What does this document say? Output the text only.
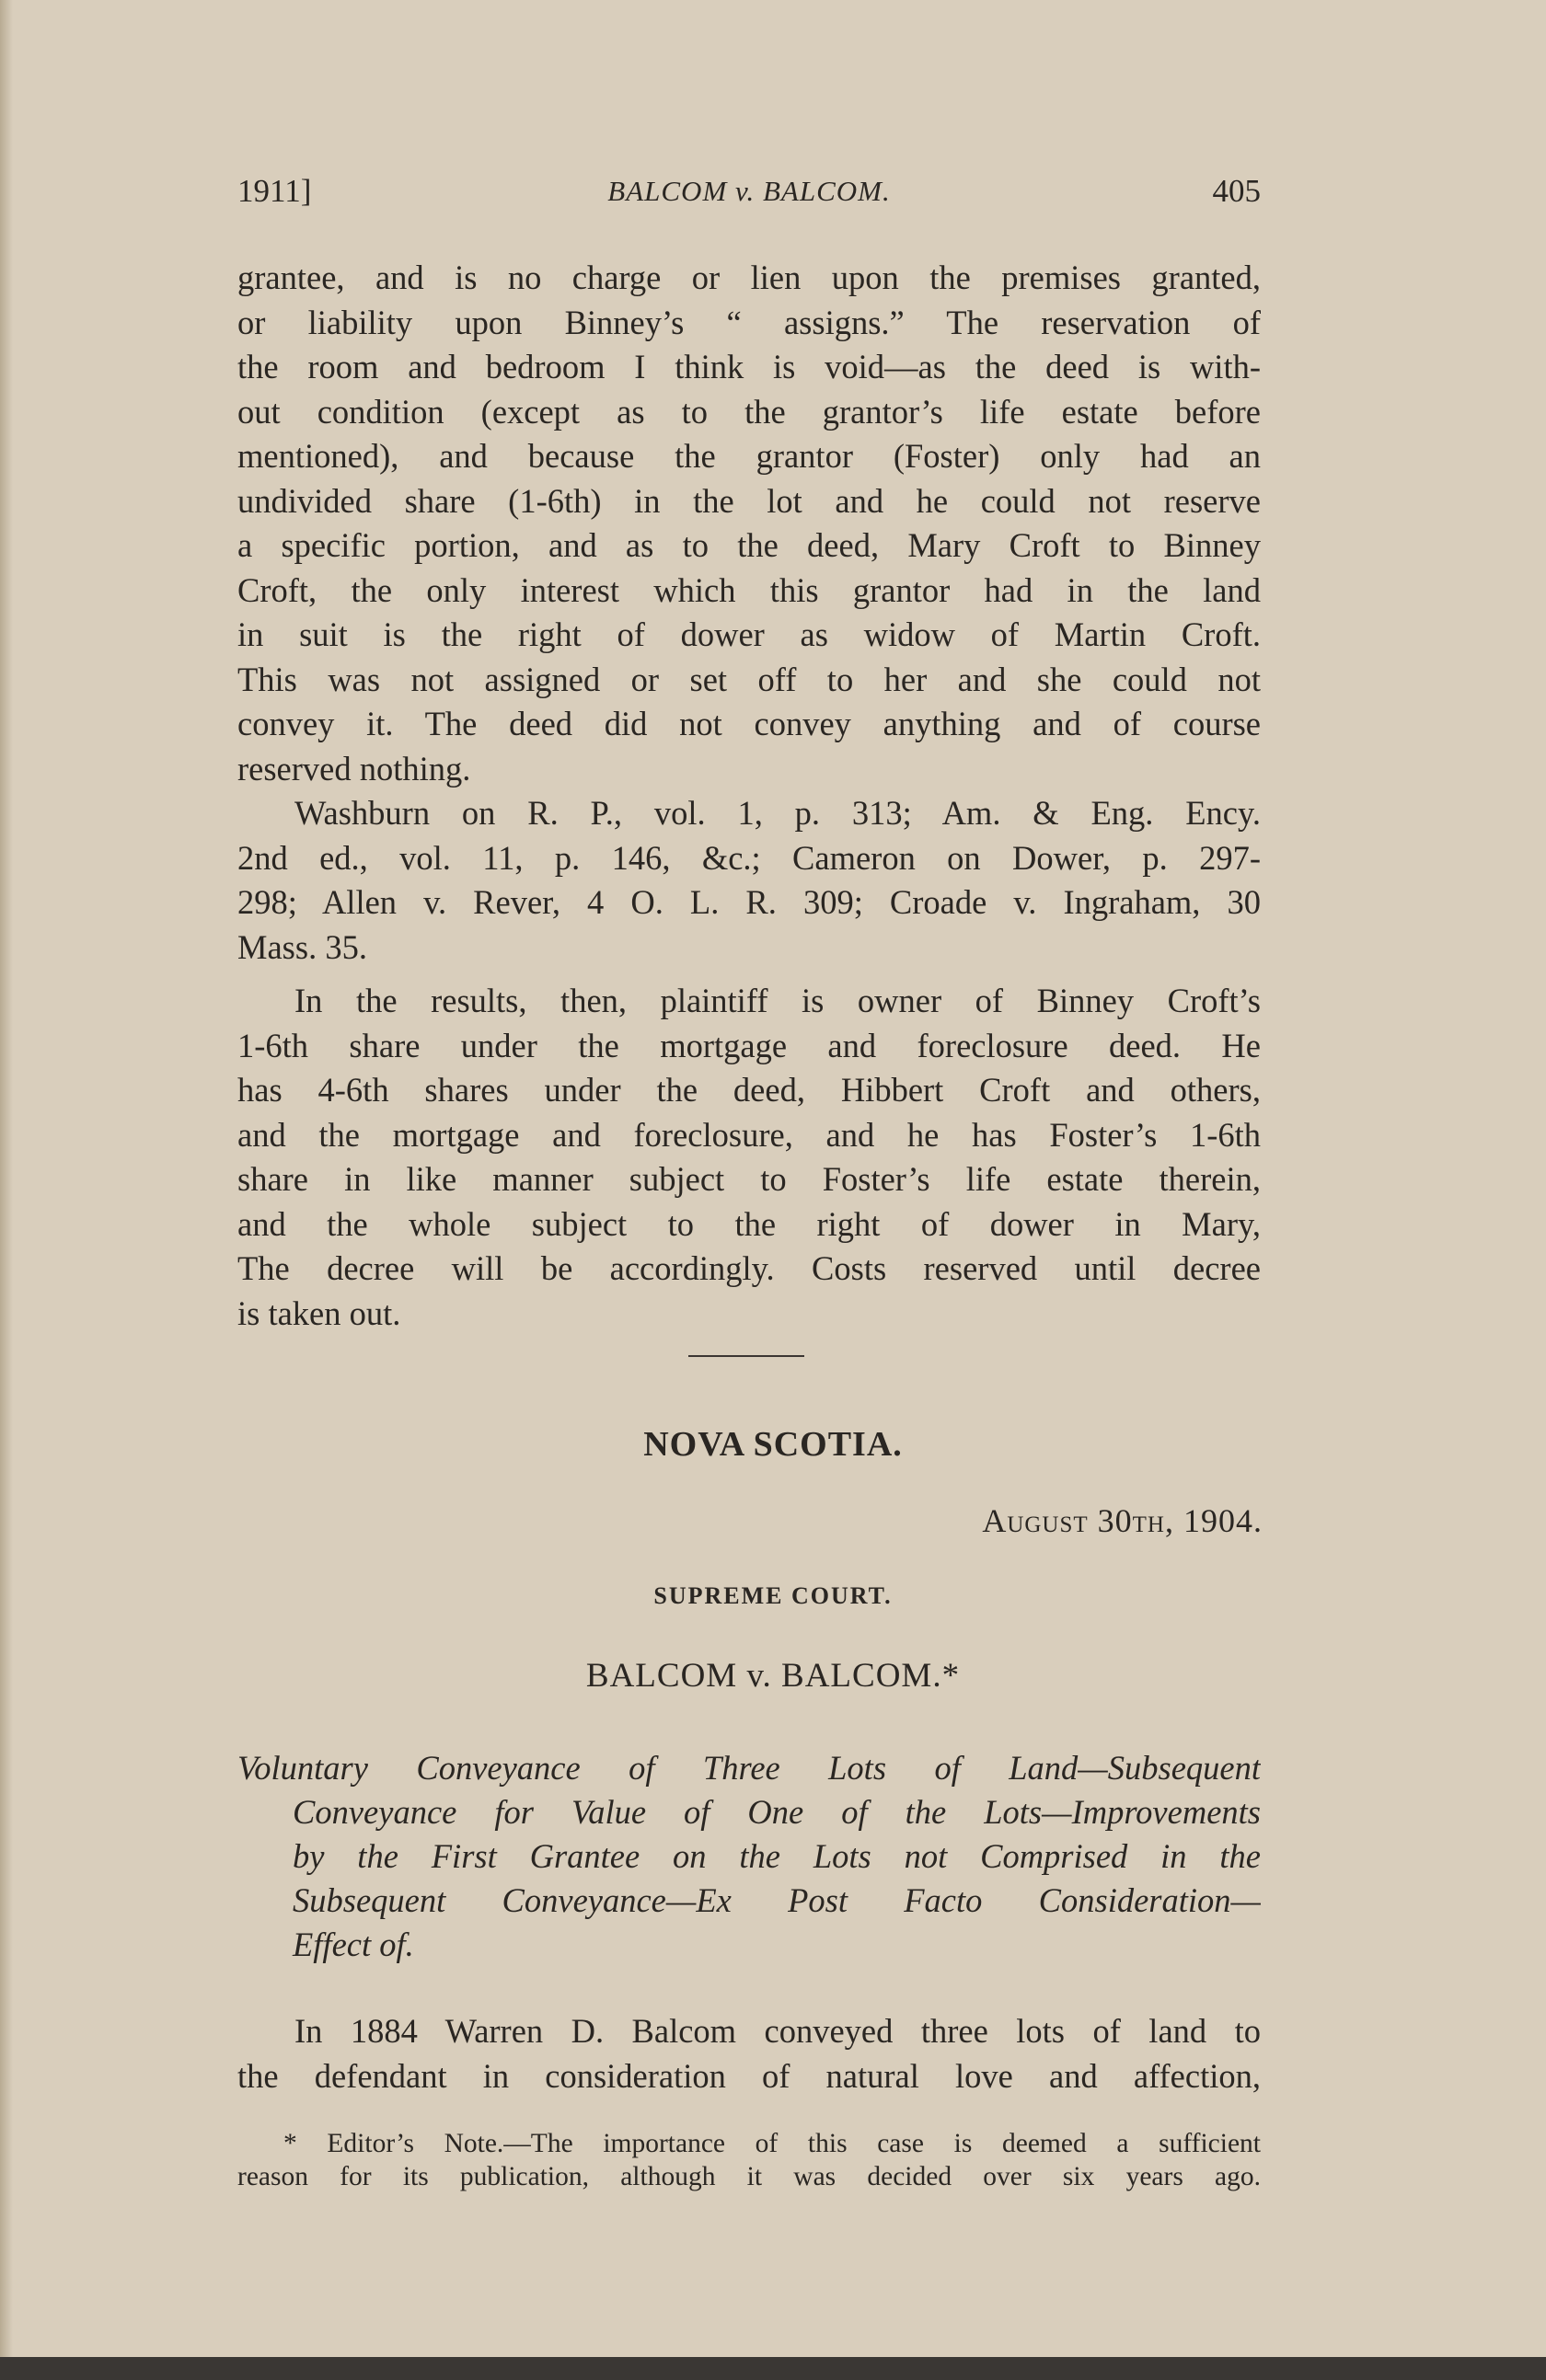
1911]	BALCOM v. BALCOM.	405
grantee, and is no charge or lien upon the premises granted,
or liability upon Binney’s “ assigns.” The reservation of
the room and bedroom I think is void—as the deed is with-
out condition (except as to the grantor’s life estate before
mentioned), and because the grantor (Foster) only had an
undivided share (1-6th) in the lot and he could not reserve
a specific portion, and as to the deed, Mary Croft to Binney
Croft, the only interest which this grantor had in the land
in suit is the right of dower as widow of Martin Croft.
This was not assigned or set off to her and she could not
convey it. The deed did not convey anything and of course
reserved nothing.
Washburn on R. P., vol. 1, p. 313; Am. & Eng. Ency.
2nd ed., vol. 11, p. 146, &c.; Cameron on Dower, p. 297-
298; Allen v. Rever, 4 O. L. R. 309; Croade v. Ingraham, 30
Mass. 35.
In the results, then, plaintiff is owner of Binney Croft’s
1-6th share under the mortgage and foreclosure deed. He
has 4-6th shares under the deed, Hibbert Croft and others,
and the mortgage and foreclosure, and he has Foster’s 1-6th
share in like manner subject to Foster’s life estate therein,
and the whole subject to the right of dower in Mary,
The decree will be accordingly. Costs reserved until decree
is taken out.
NOVA SCOTIA.
August 30th, 1904.
SUPREME COURT.
BALCOM v. BALCOM.*
Voluntary Conveyance of Three Lots of Land—Subsequent
Conveyance for Value of One of the Lots—Improvements
by the First Grantee on the Lots not Comprised in the
Subsequent Conveyance—Ex Post Facto Consideration—
Effect of.
In 1884 Warren D. Balcom conveyed three lots of land to
the defendant in consideration of natural love and affection,
* Editor’s Note.—The importance of this case is deemed a sufficient
reason for its publication, although it was decided over six years ago.
